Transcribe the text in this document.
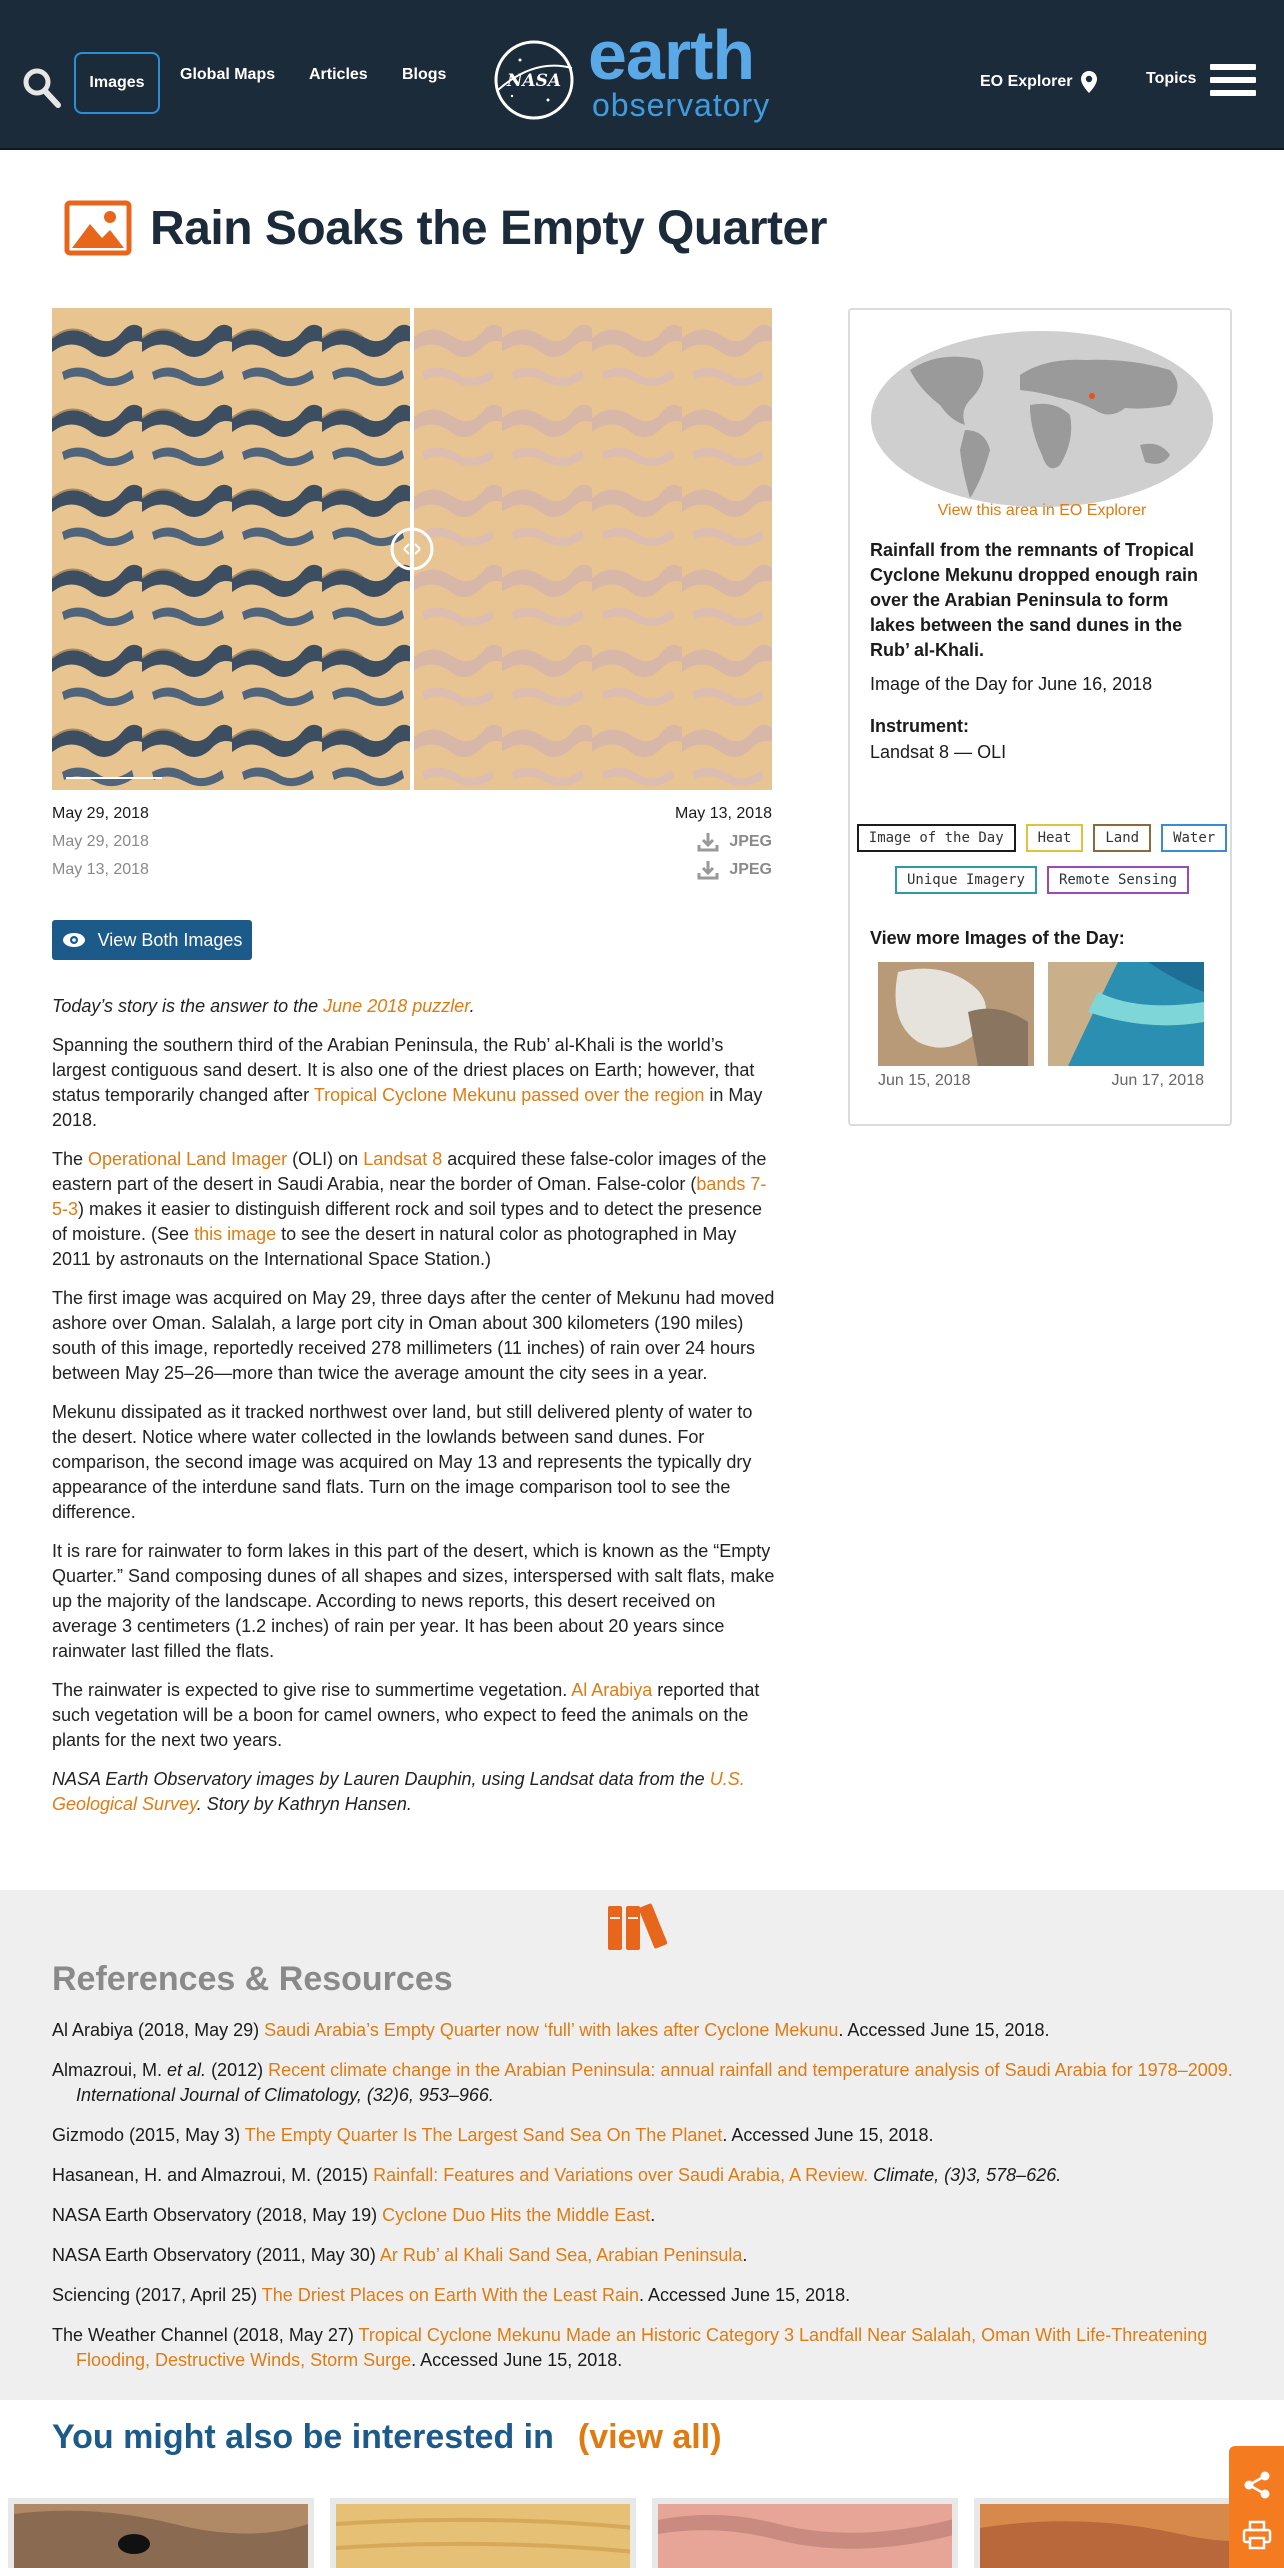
Images	Global Maps Articles Blogs	NASA earth
observatory
EO Explorer	Topics
Rain Soaks the Empty Quarter
May 29, 2018	May 13, 2018
May 29, 2018	JPEG
May 13, 2018	JPEG
View Both Images

Today’s story is the answer to the June 2018 puzzler.

Spanning the southern third of the Arabian Peninsula, the Rub’ al-Khali is the world’s largest contiguous sand desert. It is also one of the driest places on Earth; however, that status temporarily changed after Tropical Cyclone Mekunu passed over the region in May 2018.

The Operational Land Imager (OLI) on Landsat 8 acquired these false-color images of the eastern part of the desert in Saudi Arabia, near the border of Oman. False-color (bands 7-5-3) makes it easier to distinguish different rock and soil types and to detect the presence of moisture. (See this image to see the desert in natural color as photographed in May 2011 by astronauts on the International Space Station.)

The first image was acquired on May 29, three days after the center of Mekunu had moved ashore over Oman. Salalah, a large port city in Oman about 300 kilometers (190 miles) south of this image, reportedly received 278 millimeters (11 inches) of rain over 24 hours between May 25–26—more than twice the average amount the city sees in a year.

Mekunu dissipated as it tracked northwest over land, but still delivered plenty of water to the desert. Notice where water collected in the lowlands between sand dunes. For comparison, the second image was acquired on May 13 and represents the typically dry appearance of the interdune sand flats. Turn on the image comparison tool to see the difference.

It is rare for rainwater to form lakes in this part of the desert, which is known as the “Empty Quarter.” Sand composing dunes of all shapes and sizes, interspersed with salt flats, make up the majority of the landscape. According to news reports, this desert received on average 3 centimeters (1.2 inches) of rain per year. It has been about 20 years since rainwater last filled the flats.

The rainwater is expected to give rise to summertime vegetation. Al Arabiya reported that such vegetation will be a boon for camel owners, who expect to feed the animals on the plants for the next two years.

NASA Earth Observatory images by Lauren Dauphin, using Landsat data from the U.S. Geological Survey. Story by Kathryn Hansen.

View this area in EO Explorer
Rainfall from the remnants of Tropical Cyclone Mekunu dropped enough rain over the Arabian Peninsula to form lakes between the sand dunes in the Rub’ al-Khali.
Image of the Day for June 16, 2018
Instrument:
Landsat 8 — OLI
Image of the Day	Heat	Land	Water
Unique Imagery	Remote Sensing
View more Images of the Day:
Jun 15, 2018	Jun 17, 2018
References & Resources
Al Arabiya (2018, May 29) Saudi Arabia’s Empty Quarter now ‘full’ with lakes after Cyclone Mekunu. Accessed June 15, 2018.
Almazroui, M. et al. (2012) Recent climate change in the Arabian Peninsula: annual rainfall and temperature analysis of Saudi Arabia for 1978–2009. International Journal of Climatology, (32)6, 953–966.
Gizmodo (2015, May 3) The Empty Quarter Is The Largest Sand Sea On The Planet. Accessed June 15, 2018.
Hasanean, H. and Almazroui, M. (2015) Rainfall: Features and Variations over Saudi Arabia, A Review. Climate, (3)3, 578–626.
NASA Earth Observatory (2018, May 19) Cyclone Duo Hits the Middle East.
NASA Earth Observatory (2011, May 30) Ar Rub’ al Khali Sand Sea, Arabian Peninsula.
Sciencing (2017, April 25) The Driest Places on Earth With the Least Rain. Accessed June 15, 2018.
The Weather Channel (2018, May 27) Tropical Cyclone Mekunu Made an Historic Category 3 Landfall Near Salalah, Oman With Life-Threatening Flooding, Destructive Winds, Storm Surge. Accessed June 15, 2018.
You might also be interested in (view all)
